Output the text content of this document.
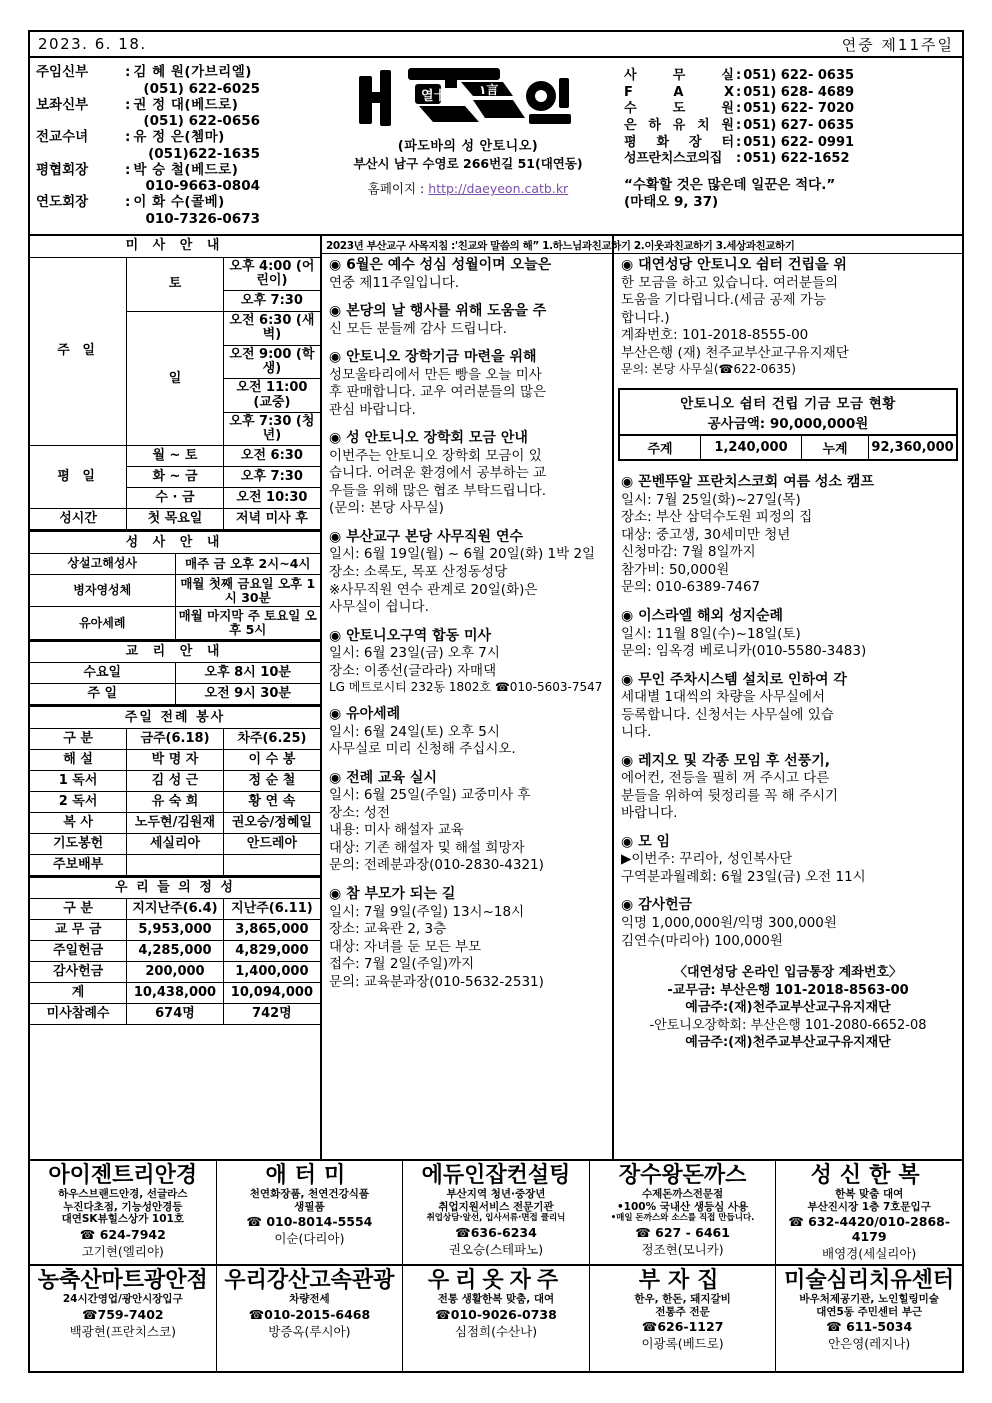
2023. 6. 18.	연중 제11주일
주임신부	: 김 혜 원(가브리엘)
(051) 622-6025
보좌신부	: 권 정 대(베드로)
(051) 622-0656
전교수녀	: 유 정 은(쳄마)
(051)622-1635
평협회장	: 박 승 철(베드로)
010-9663-0804
연도회장	: 이 화 수(콜베)
010-7326-0673
열十	١言
(파도바의 성 안토니오)
부산시 남구 수영로 266번길 51(대연동)
홈페이지 : http://daeyeon.catb.kr
사 무 실 : 051) 622- 0635
F A X : 051) 628- 4689
수 도 원 : 051) 622- 7020
은 하 유 치 원 : 051) 627- 0635
평 화 장 터 : 051) 622- 0991
성프란치스코의집	: 051) 622-1652
“수확할 것은 많은데 일꾼은 적다.”
(마태오 9, 37)
미 사 안 내		
주 일	토	오후 4:00 (어린이)
		오후 7:30
	일	오전 6:30 (새벽)
		오전 9:00 (학생)
		오전 11:00 (교중)
		오후 7:30 (청년)
평 일	월 ~ 토	오전 6:30
	화 ~ 금	오후 7:30
	수 · 금	오전 10:30
성시간	첫 목요일	저녁 미사 후
성 사 안 내	
상설고해성사	매주 금 오후 2시~4시
병자영성체	매월 첫째 금요일 오후 1시 30분
유아세례	매월 마지막 주 토요일 오후 5시
교 리 안 내	
수요일	오후 8시 10분
주 일	오전 9시 30분
주일 전례 봉사		
구 분	금주(6.18)	차주(6.25)
해 설	박 명 자	이 수 봉
1 독서	김 성 근	정 순 철
2 독서	유 숙 희	황 연 속
복 사	노두현/김원재	권오승/정혜일
기도봉헌	세실리아	안드레아
주보배부		
우 리 들 의 정 성		
구 분	지지난주(6.4)	지난주(6.11)
교 무 금	5,953,000	3,865,000
주일헌금	4,285,000	4,829,000
감사헌금	200,000	1,400,000
계	10,438,000	10,094,000
미사참례수	674명	742명
2023년 부산교구 사목지침 :'친교와 말씀의 해” 1.하느님과친교하기 2.이웃과친교하기 3.세상과친교하기
◉ 6월은 예수 성심 성월이며 오늘은
연중 제11주일입니다.
◉ 본당의 날 행사를 위해 도움을 주
신 모든 분들께 감사 드립니다.
◉ 안토니오 장학기금 마련을 위해
성모울타리에서 만든 빵을 오늘 미사
후 판매합니다. 교우 여러분들의 많은
관심 바랍니다.
◉ 성 안토니오 장학회 모금 안내
이번주는 안토니오 장학회 모금이 있
습니다. 어려운 환경에서 공부하는 교
우들을 위해 많은 협조 부탁드립니다.
(문의: 본당 사무실)
◉ 부산교구 본당 사무직원 연수
일시: 6월 19일(월) ~ 6월 20일(화) 1박 2일
장소: 소록도, 목포 산정동성당
※사무직원 연수 관계로 20일(화)은
사무실이 쉽니다.
◉ 안토니오구역 합동 미사
일시: 6월 23일(금) 오후 7시
장소: 이종선(글라라) 자매댁
LG 메트로시티 232동 1802호 ☎010-5603-7547
◉ 유아세례
일시: 6월 24일(토) 오후 5시
사무실로 미리 신청해 주십시오.
◉ 전례 교육 실시
일시: 6월 25일(주일) 교중미사 후
장소: 성전
내용: 미사 해설자 교육
대상: 기존 해설자 및 해설 희망자
문의: 전례분과장(010-2830-4321)
◉ 참 부모가 되는 길
일시: 7월 9일(주일) 13시~18시
장소: 교육관 2, 3층
대상: 자녀를 둔 모든 부모
접수: 7월 2일(주일)까지
문의: 교육분과장(010-5632-2531)

◉ 대연성당 안토니오 쉼터 건립을 위
한 모금을 하고 있습니다. 여러분들의
도움을 기다립니다.(세금 공제 가능
합니다.)
계좌번호: 101-2018-8555-00
부산은행 (재) 천주교부산교구유지재단
문의: 본당 사무실(☎622-0635)
안토니오 쉼터 건립 기금 모금 현황
공사금액: 90,000,000원
주계	1,240,000	누계	92,360,000
◉ 꼰벤뚜알 프란치스코회 여름 성소 캠프
일시: 7월 25일(화)~27일(목)
장소: 부산 삼덕수도원 피정의 집
대상: 중고생, 30세미만 청년
신청마감: 7월 8일까지
참가비: 50,000원
문의: 010-6389-7467
◉ 이스라엘 해외 성지순례
일시: 11월 8일(수)~18일(토)
문의: 임옥경 베로니카(010-5580-3483)
◉ 무인 주차시스템 설치로 인하여 각
세대별 1대씩의 차량을 사무실에서
등록합니다. 신청서는 사무실에 있습
니다.
◉ 레지오 및 각종 모임 후 선풍기,
에어컨, 전등을 필히 꺼 주시고 다른
분들을 위하여 뒷정리를 꼭 해 주시기
바랍니다.
◉ 모 임
▶이번주: 꾸리아, 성인복사단
구역분과월례회: 6월 23일(금) 오전 11시
◉ 감사헌금
익명 1,000,000원/익명 300,000원
김연수(마리아) 100,000원
〈대연성당 온라인 입금통장 계좌번호〉
-교무금: 부산은행 101-2018-8563-00
예금주:(재)천주교부산교구유지재단
-안토니오장학회: 부산은행 101-2080-6652-08
예금주:(재)천주교부산교구유지재단
아이젠트리안경
하우스브랜드안경, 선글라스
누진다초점, 기능성안경등
대연SK뷰힐스상가 101호
☎ 624-7942
고기현(엘리야)
애터미
천연화장품, 천연건강식품
생필품
☎ 010-8014-5554
이순(다리아)
에듀인잡컨설팅
부산지역 청년·중장년
취업지원서비스 전문기관
취업상담·알선, 입사서류·면접 클리닉
☎636-6234
권오승(스테파노)
장수왕돈까스
수제돈까스전문점
•100% 국내산 생등심 사용
•매일 돈까스와 소스를 직접 만듭니다.
☎ 627 - 6461
정조현(모니카)
성신한복
한복 맞춤 대여
부산진시장 1층 7호문입구
☎ 632-4420/010-2868-4179
배영경(세실리아)
농축산마트광안점
24시간영업/광안시장입구
☎759-7402
백광현(프란치스코)
우리강산고속관광
차량전세
☎010-2015-6468
방증옥(루시아)
우리옷자주
전통 생활한복 맞춤, 대여
☎010-9026-0738
심점희(수산나)
부자집
한우, 한돈, 돼지갈비
전통주 전문
☎626-1127
이광록(베드로)
미술심리치유센터
바우처제공기관, 노인힐링미술
대연5동 주민센터 부근
☎ 611-5034
안은영(레지나)
